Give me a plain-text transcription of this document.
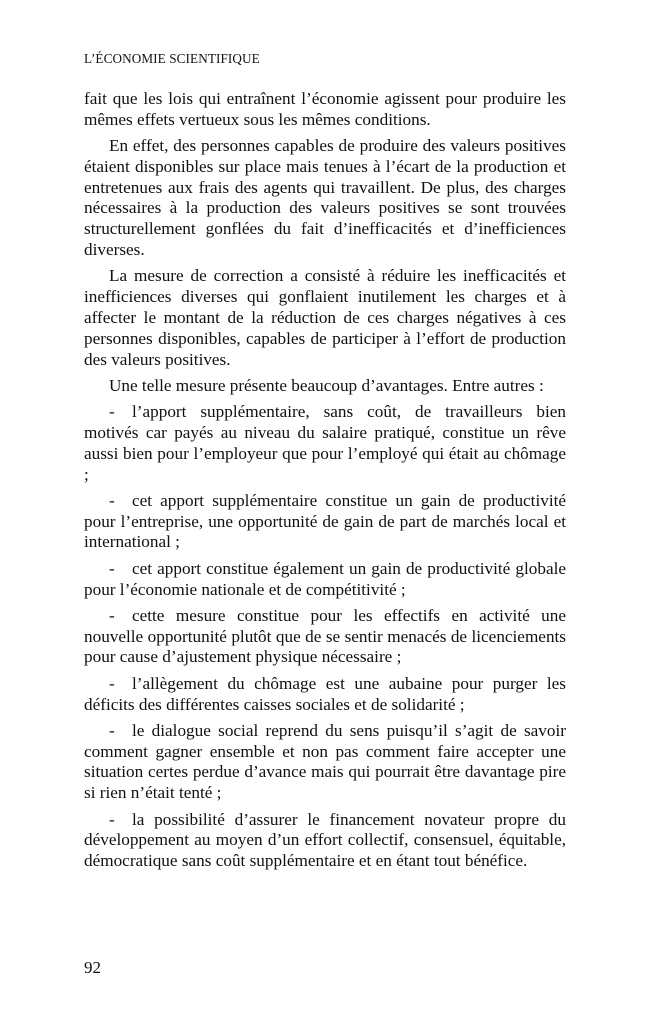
L’ÉCONOMIE SCIENTIFIQUE

fait que les lois qui entraînent l’économie agissent pour produire les mêmes effets vertueux sous les mêmes conditions.

En effet, des personnes capables de produire des valeurs positives étaient disponibles sur place mais tenues à l’écart de la production et entretenues aux frais des agents qui travaillent. De plus, des charges nécessaires à la production des valeurs positives se sont trouvées structurellement gonflées du fait d’inefficacités et d’inefficiences diverses.

La mesure de correction a consisté à réduire les inefficacités et inefficiences diverses qui gonflaient inutilement les charges et à affecter le montant de la réduction de ces charges négatives à ces personnes disponibles, capables de participer à l’effort de production des valeurs positives.

Une telle mesure présente beaucoup d’avantages. Entre autres :

- l’apport supplémentaire, sans coût, de travailleurs bien motivés car payés au niveau du salaire pratiqué, constitue un rêve aussi bien pour l’employeur que pour l’employé qui était au chômage ;

- cet apport supplémentaire constitue un gain de productivité pour l’entreprise, une opportunité de gain de part de marchés local et international ;

- cet apport constitue également un gain de productivité globale pour l’économie nationale et de compétitivité ;

- cette mesure constitue pour les effectifs en activité une nouvelle opportunité plutôt que de se sentir menacés de licenciements pour cause d’ajustement physique nécessaire ;

- l’allègement du chômage est une aubaine pour purger les déficits des différentes caisses sociales et de solidarité ;

- le dialogue social reprend du sens puisqu’il s’agit de savoir comment gagner ensemble et non pas comment faire accepter une situation certes perdue d’avance mais qui pourrait être davantage pire si rien n’était tenté ;

- la possibilité d’assurer le financement novateur propre du développement au moyen d’un effort collectif, consensuel, équitable, démocratique sans coût supplémentaire et en étant tout bénéfice.

92
